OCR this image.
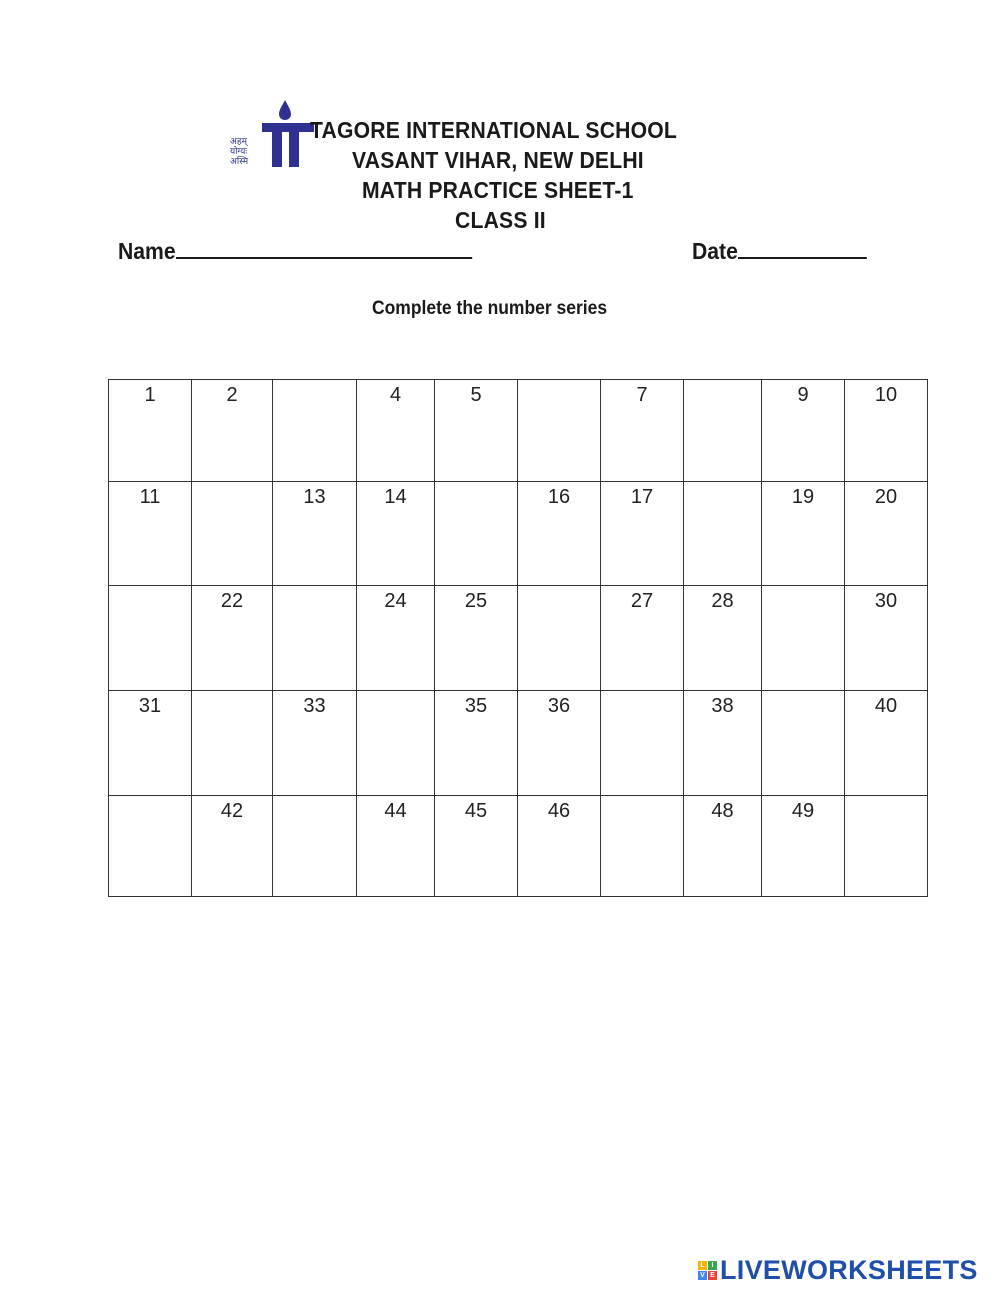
अहम्
योग्यः
अस्मि
TAGORE INTERNATIONAL SCHOOL
VASANT VIHAR, NEW DELHI
MATH PRACTICE SHEET-1
CLASS II
Name	Date
Complete the number series
1	2		4	5		7		9	10
11		13	14		16	17		19	20
	22		24	25		27	28		30
31		33		35	36		38		40
	42		44	45	46		48	49	
L I
V E LIVEWORKSHEETS
